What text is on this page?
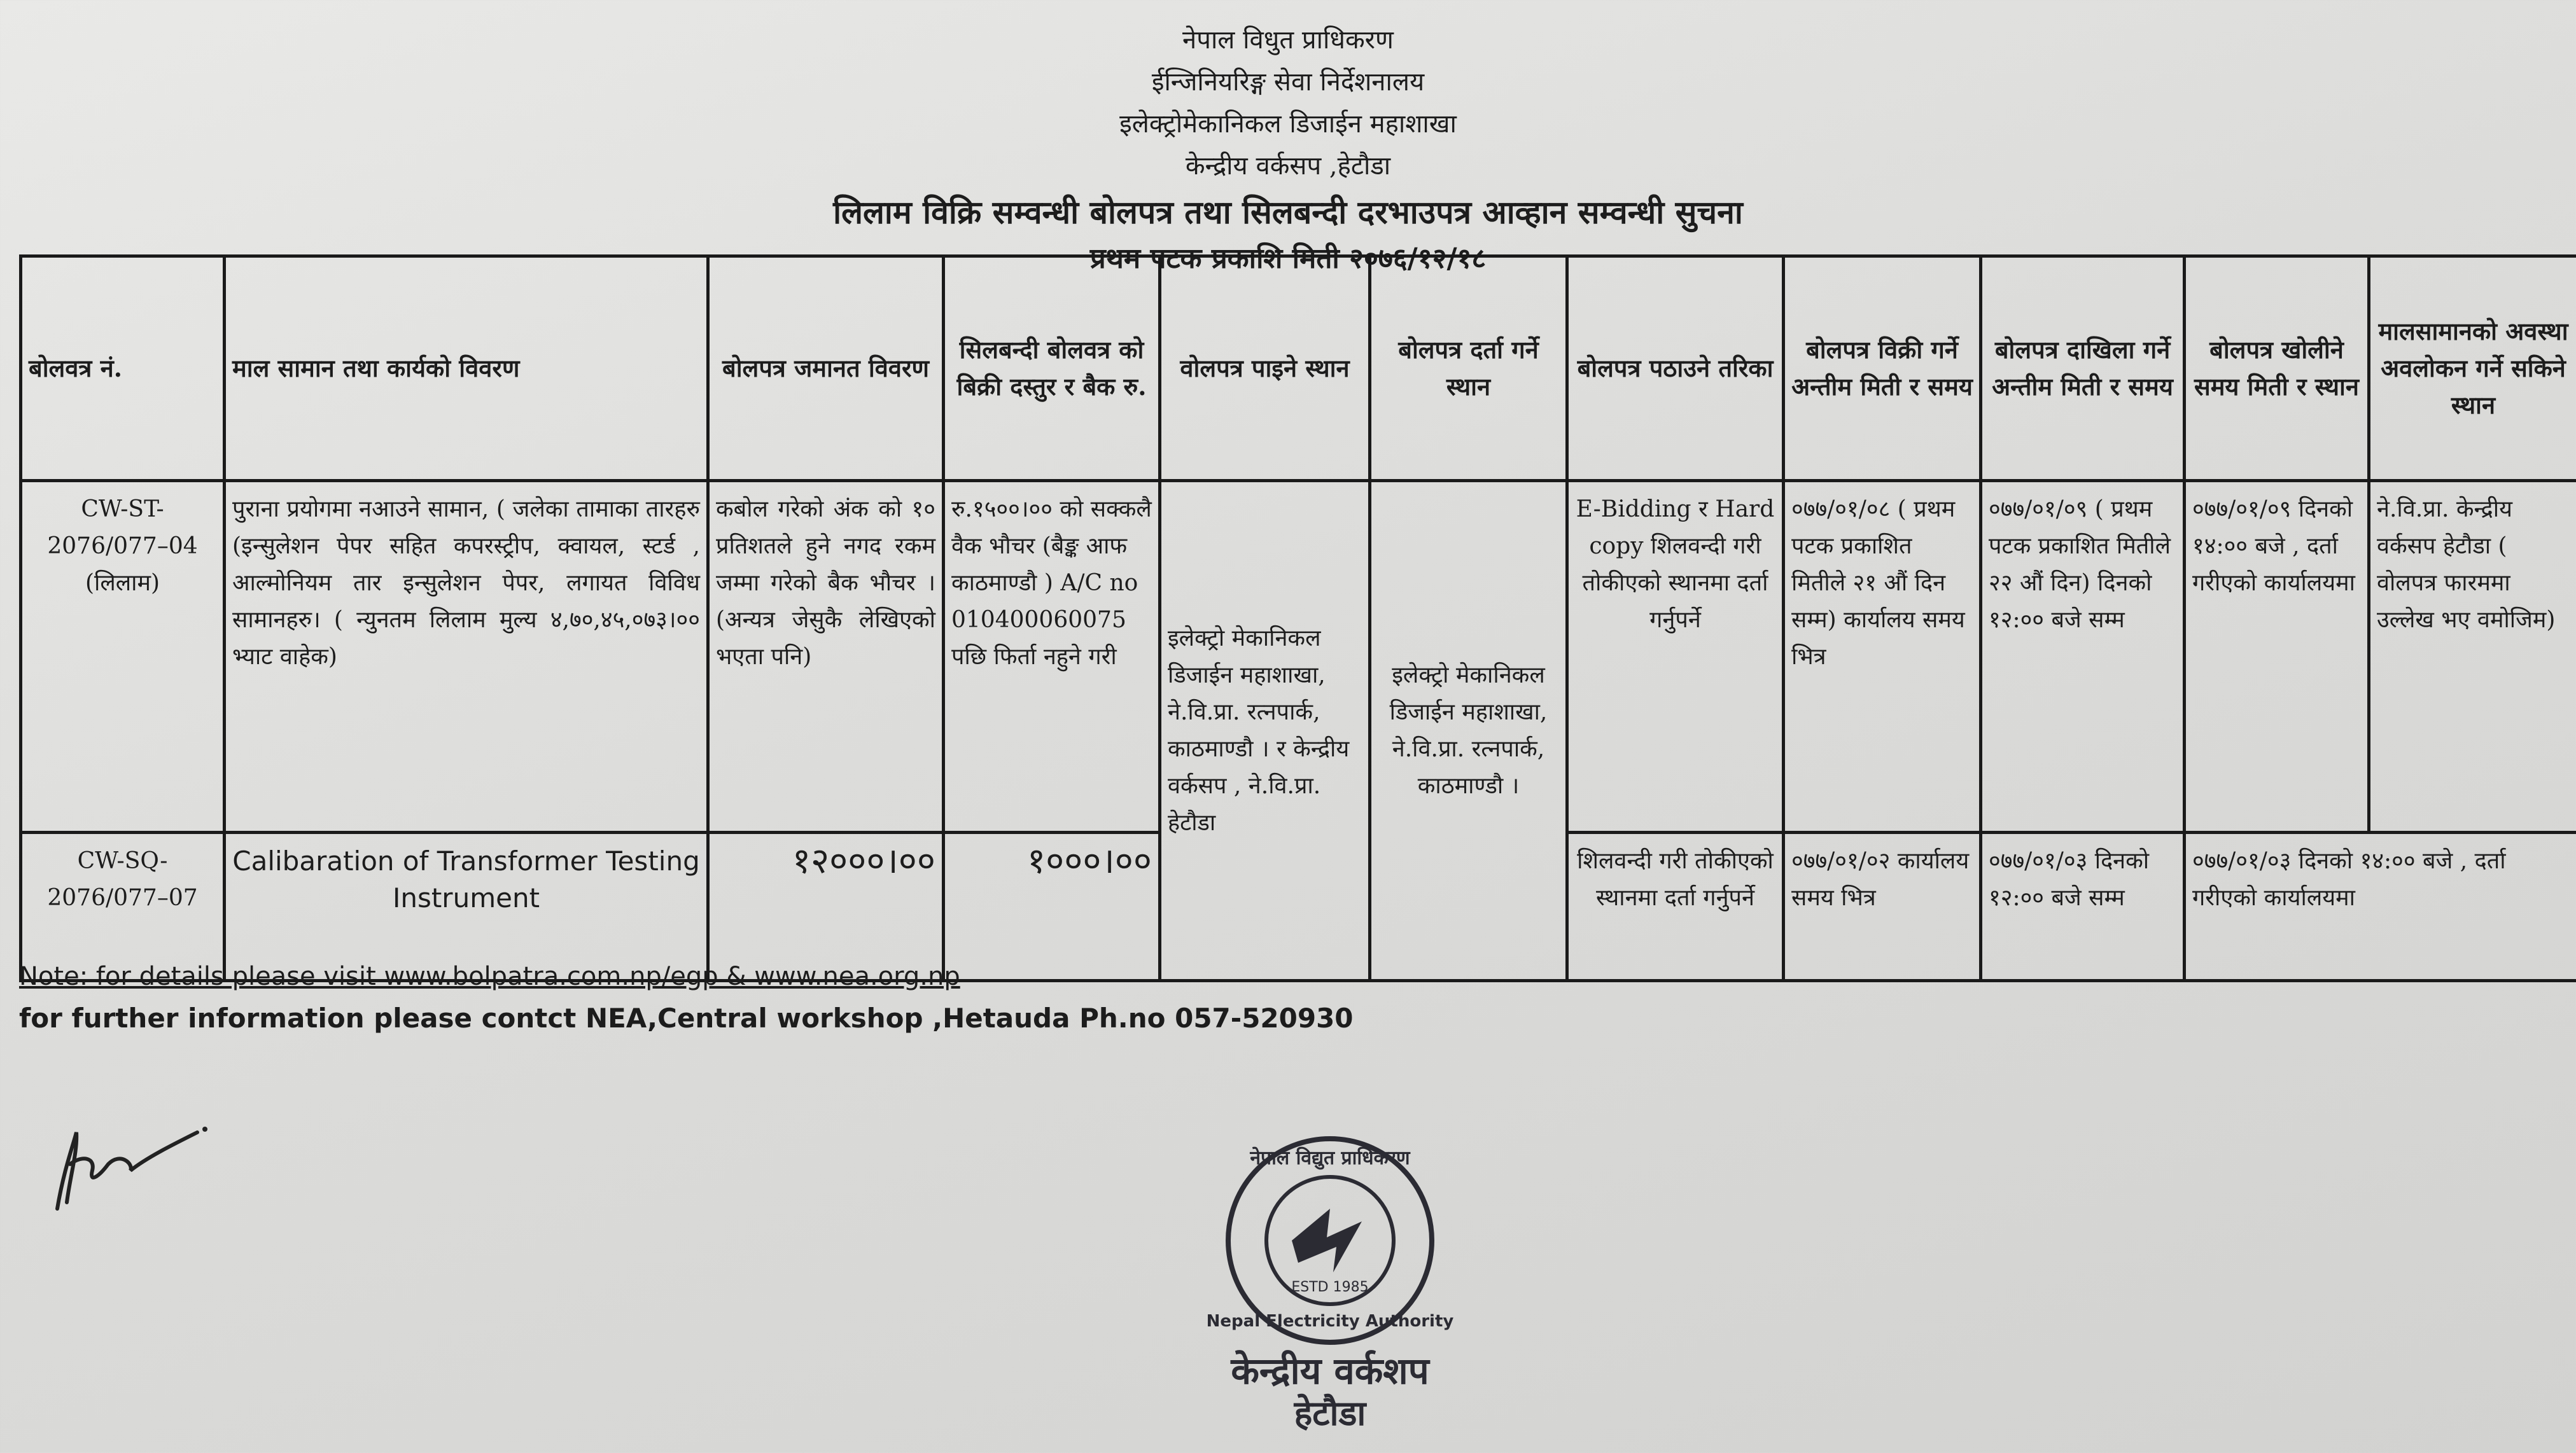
नेपाल विधुत प्राधिकरण
ईन्जिनियरिङ्ग सेवा निर्देशनालय
इलेक्ट्रोमेकानिकल डिजाईन महाशाखा
केन्द्रीय वर्कसप ,हेटौडा
लिलाम विक्रि सम्वन्धी बोलपत्र तथा सिलबन्दी दरभाउपत्र आव्हान सम्वन्धी सुचना
प्रथम पटक प्रकाशि मिती २०७६/१२/१८
बोलवत्र नं.	माल सामान तथा कार्यको विवरण	बोलपत्र जमानत विवरण	सिलबन्दी बोलवत्र को बिक्री दस्तुर र बैक रु.	वोलपत्र पाइने स्थान	बोलपत्र दर्ता गर्ने स्थान	बोलपत्र पठाउने तरिका	बोलपत्र विक्री गर्ने अन्तीम मिती र समय	बोलपत्र दाखिला गर्ने अन्तीम मिती र समय	बोलपत्र खोलीने समय मिती र स्थान	मालसामानको अवस्था अवलोकन गर्ने सकिने स्थान
CW-ST-2076/077–04 (लिलाम)	पुराना प्रयोगमा नआउने सामान, ( जलेका तामाका तारहरु (इन्सुलेशन पेपर सहित कपरस्ट्रीप, क्वायल, स्टर्ड , आल्मोनियम तार इन्सुलेशन पेपर, लगायत विविध सामानहरु। ( न्युनतम लिलाम मुल्य ४,७०,४५,०७३।०० भ्याट वाहेक)	कबोल गरेको अंक को १० प्रतिशतले हुने नगद रकम जम्मा गरेको बैक भौचर । (अन्यत्र जेसुकै लेखिएको भएता पनि)	रु.१५००।०० को सक्कलै वैक भौचर (बैङ्क आफ काठमाण्डौ ) A/C no 010400060075 पछि फिर्ता नहुने गरी	इलेक्ट्रो मेकानिकल डिजाईन महाशाखा, ने.वि.प्रा. रत्नपार्क, काठमाण्डौ । र केन्द्रीय वर्कसप , ने.वि.प्रा. हेटौडा	इलेक्ट्रो मेकानिकल डिजाईन महाशाखा, ने.वि.प्रा. रत्नपार्क, काठमाण्डौ ।	E-Bidding र Hard copy शिलवन्दी गरी तोकीएको स्थानमा दर्ता गर्नुपर्ने	०७७/०१/०८ ( प्रथम पटक प्रकाशित मितीले २१ औं दिन सम्म) कार्यालय समय भित्र	०७७/०१/०९ ( प्रथम पटक प्रकाशित मितीले २२ औं दिन) दिनको १२:०० बजे सम्म	०७७/०१/०९ दिनको १४:०० बजे , दर्ता गरीएको कार्यालयमा	ने.वि.प्रा. केन्द्रीय वर्कसप हेटौडा ( वोलपत्र फारममा उल्लेख भए वमोजिम)
CW-SQ-2076/077–07	Calibaration of Transformer Testing Instrument	१२०००।००	१०००।००			शिलवन्दी गरी तोकीएको स्थानमा दर्ता गर्नुपर्ने	०७७/०१/०२ कार्यालय समय भित्र	०७७/०१/०३ दिनको १२:०० बजे सम्म	०७७/०१/०३ दिनको १४:०० बजे , दर्ता गरीएको कार्यालयमा	
Note: for details please visit www.bolpatra.com.np/egp & www.nea.org.np
for further information please contct NEA,Central workshop ,Hetauda Ph.no 057-520930
ESTD 1985
नेपाल विद्युत प्राधिकरण
Nepal Electricity Authority
केन्द्रीय वर्कशप
हेटौडा
